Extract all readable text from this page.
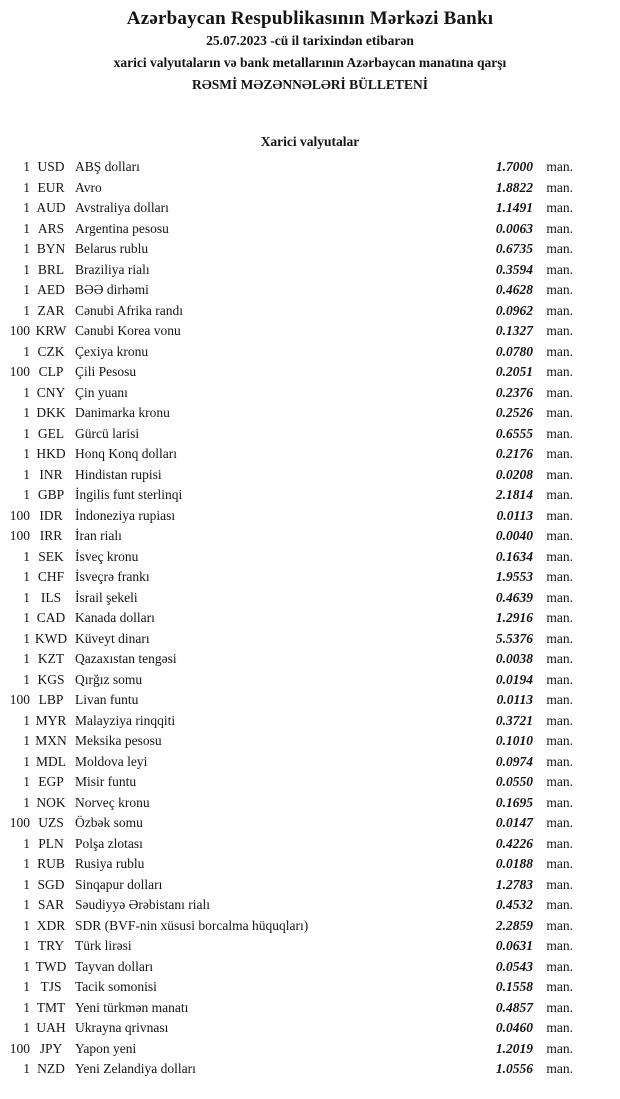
Azərbaycan Respublikasının Mərkəzi Bankı
25.07.2023 -cü il tarixindən etibarən
xarici valyutaların və bank metallarının Azərbaycan manatına qarşı
RƏSMİ MƏZƏNNƏLƏRİ BÜLLETENİ
Xarici valyutalar
1 USD ABŞ dolları	1.7000 man.
1 EUR Avro	1.8822 man.
1 AUD Avstraliya dolları	1.1491 man.
1 ARS Argentina pesosu	0.0063 man.
1 BYN Belarus rublu	0.6735 man.
1 BRL Braziliya rialı	0.3594 man.
1 AED BƏƏ dirhəmi	0.4628 man.
1 ZAR Cənubi Afrika randı	0.0962 man.
100 KRW Cənubi Korea vonu	0.1327 man.
1 CZK Çexiya kronu	0.0780 man.
100 CLP Çili Pesosu	0.2051 man.
1 CNY Çin yuanı	0.2376 man.
1 DKK Danimarka kronu	0.2526 man.
1 GEL Gürcü larisi	0.6555 man.
1 HKD Honq Konq dolları	0.2176 man.
1 INR Hindistan rupisi	0.0208 man.
1 GBP İngilis funt sterlinqi	2.1814 man.
100 IDR İndoneziya rupiası	0.0113 man.
100 IRR İran rialı	0.0040 man.
1 SEK İsveç kronu	0.1634 man.
1 CHF İsveçrə frankı	1.9553 man.
1 ILS	İsrail şekeli	0.4639 man.
1 CAD Kanada dolları	1.2916 man.
1 KWD Küveyt dinarı	5.5376 man.
1 KZT Qazaxıstan tengəsi	0.0038 man.
1 KGS Qırğız somu	0.0194 man.
100 LBP Livan funtu	0.0113 man.
1 MYR Malayziya rinqqiti	0.3721 man.
1 MXN Meksika pesosu	0.1010 man.
1 MDL Moldova leyi	0.0974 man.
1 EGP Misir funtu	0.0550 man.
1 NOK Norveç kronu	0.1695 man.
100 UZS Özbək somu	0.0147 man.
1 PLN Polşa zlotası	0.4226 man.
1 RUB Rusiya rublu	0.0188 man.
1 SGD Sinqapur dolları	1.2783 man.
1 SAR Səudiyyə Ərəbistanı rialı	0.4532 man.
1 XDR SDR (BVF-nin xüsusi borcalma hüquqları)	2.2859 man.
1 TRY Türk lirəsi	0.0631 man.
1 TWD Tayvan dolları	0.0543 man.
1 TJS	Tacik somonisi	0.1558 man.
1 TMT Yeni türkmən manatı	0.4857 man.
1 UAH Ukrayna qrivnası	0.0460 man.
100 JPY Yapon yeni	1.2019 man.
1 NZD Yeni Zelandiya dolları	1.0556 man.
